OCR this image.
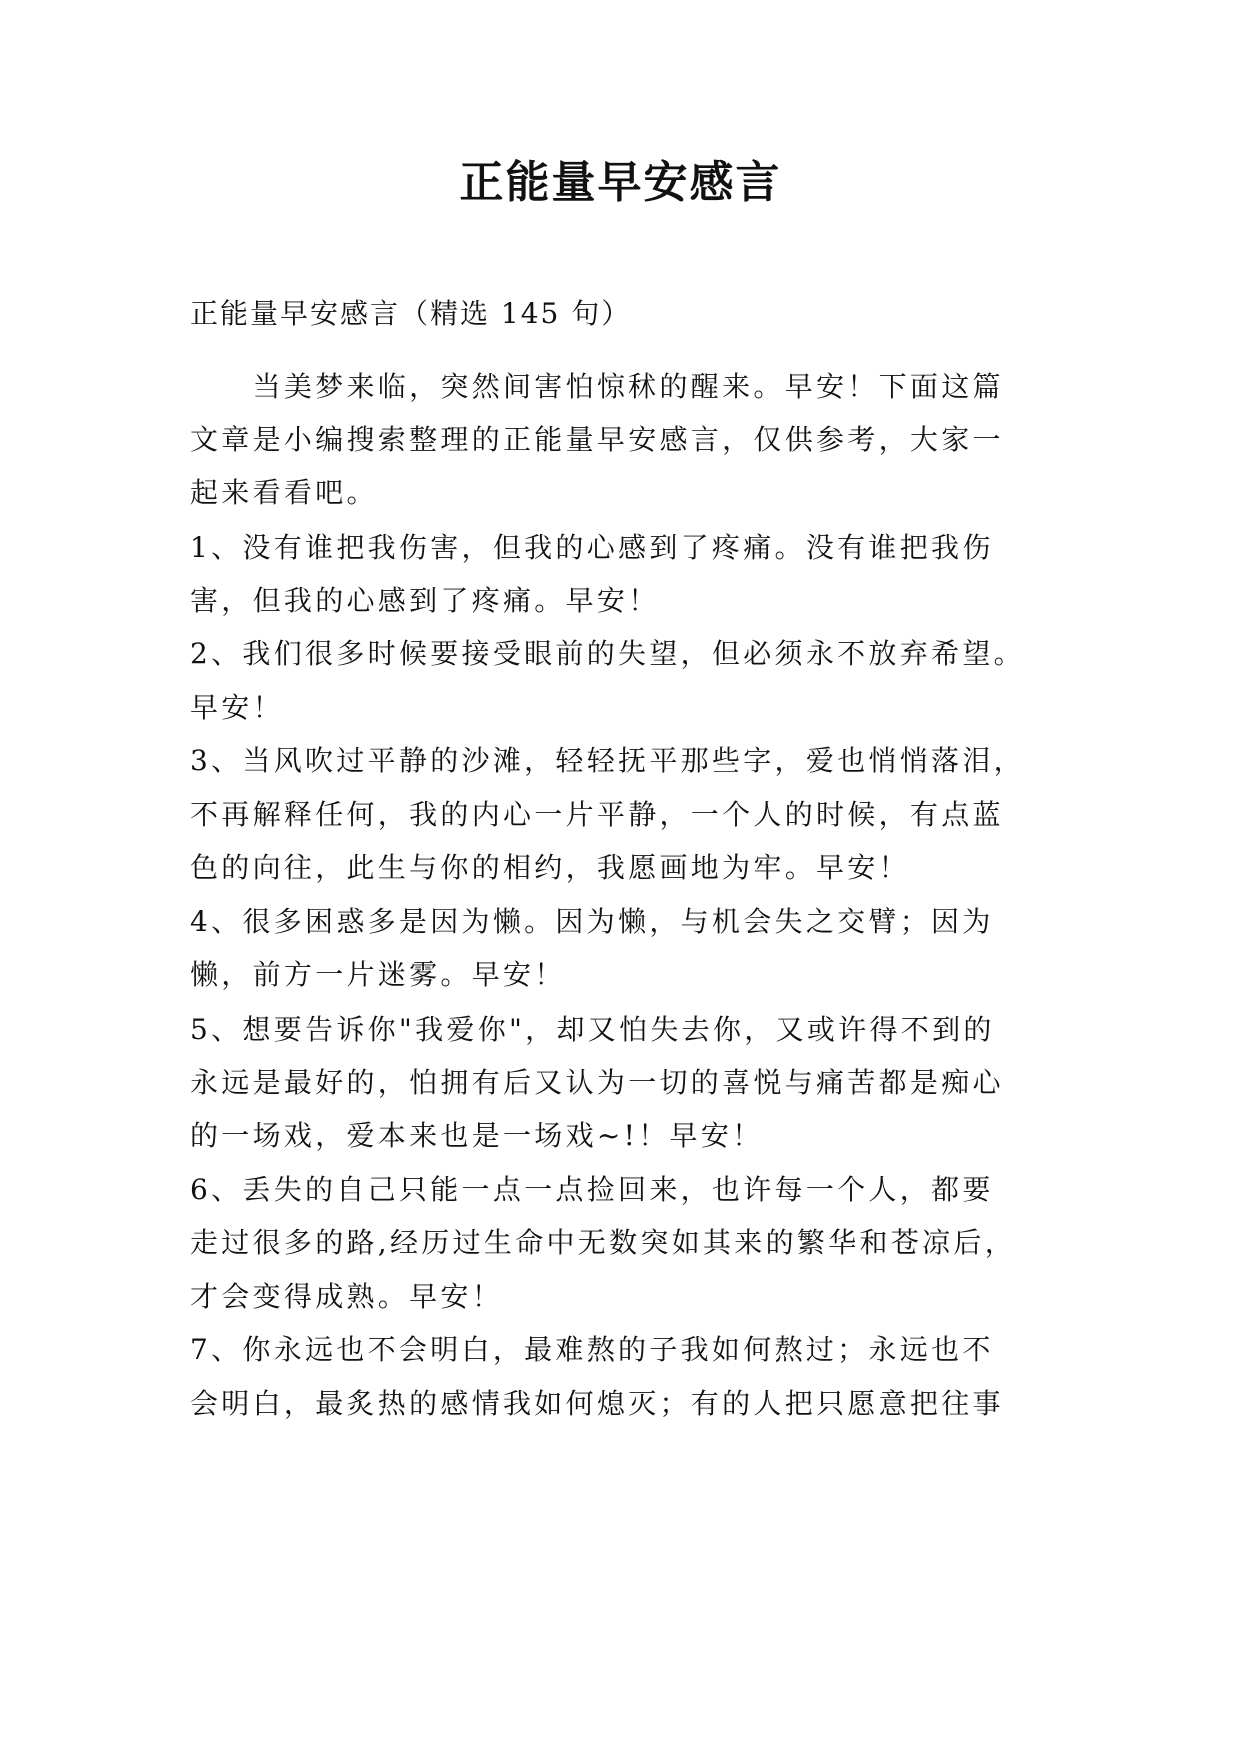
正能量早安感言
正能量早安感言（精选 145 句）
　　当美梦来临，突然间害怕惊秫的醒来。早安！下面这篇
文章是小编搜索整理的正能量早安感言，仅供参考，大家一
起来看看吧。
1、没有谁把我伤害，但我的心感到了疼痛。没有谁把我伤
害，但我的心感到了疼痛。早安！
2、我们很多时候要接受眼前的失望，但必须永不放弃希望。
早安！
3、当风吹过平静的沙滩，轻轻抚平那些字，爱也悄悄落泪，
不再解释任何，我的内心一片平静，一个人的时候，有点蓝
色的向往，此生与你的相约，我愿画地为牢。早安！
4、很多困惑多是因为懒。因为懒，与机会失之交臂；因为
懒，前方一片迷雾。早安！
5、想要告诉你"我爱你"，却又怕失去你，又或许得不到的
永远是最好的，怕拥有后又认为一切的喜悦与痛苦都是痴心
的一场戏，爱本来也是一场戏~!！早安！
6、丢失的自己只能一点一点捡回来，也许每一个人，都要
走过很多的路,经历过生命中无数突如其来的繁华和苍凉后，
才会变得成熟。早安！
7、你永远也不会明白，最难熬的子我如何熬过；永远也不
会明白，最炙热的感情我如何熄灭；有的人把只愿意把往事
